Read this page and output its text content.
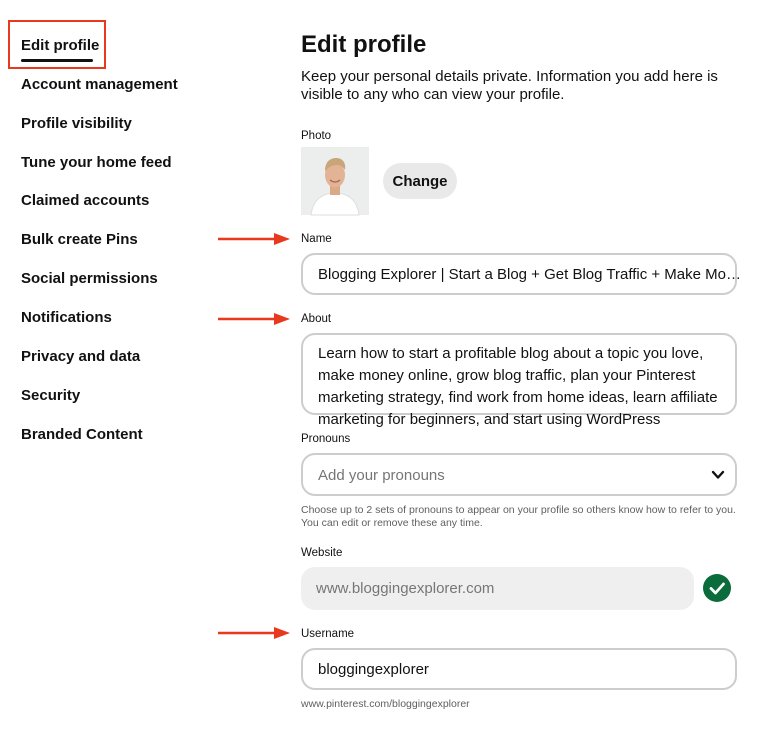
Edit profile
Account management
Profile visibility
Tune your home feed
Claimed accounts
Bulk create Pins
Social permissions
Notifications
Privacy and data
Security
Branded Content
Edit profile
Keep your personal details private. Information you add here is visible to any who can view your profile.
Photo
Change
Name
Blogging Explorer | Start a Blog + Get Blog Traffic + Make Mo…
About
Learn how to start a profitable blog about a topic you love, make money online, grow blog traffic, plan your Pinterest marketing strategy, find work from home ideas, learn affiliate marketing for beginners, and start using WordPress
Pronouns
Add your pronouns
Choose up to 2 sets of pronouns to appear on your profile so others know how to refer to you. You can edit or remove these any time.
Website
www.bloggingexplorer.com
Username
bloggingexplorer
www.pinterest.com/bloggingexplorer
